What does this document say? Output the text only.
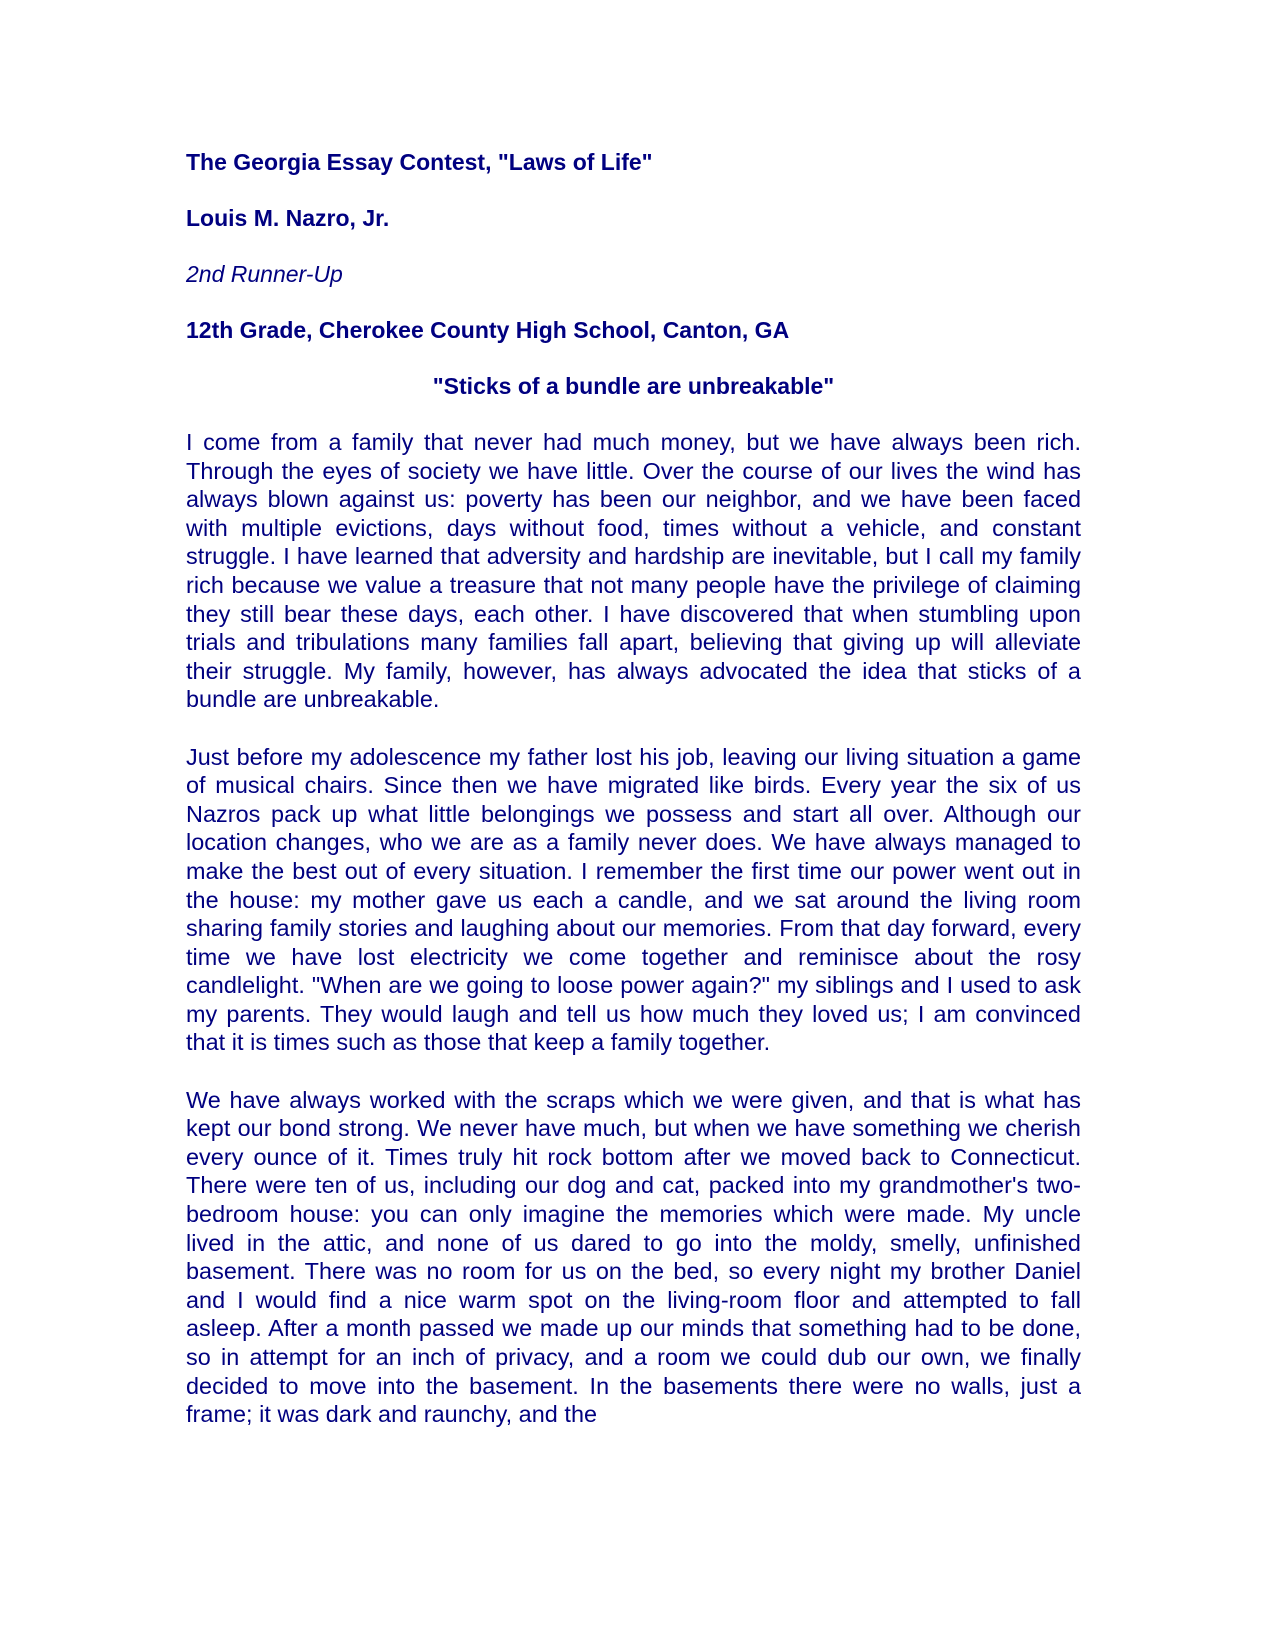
The Georgia Essay Contest, "Laws of Life"

Louis M. Nazro, Jr.

2nd Runner-Up

12th Grade, Cherokee County High School, Canton, GA

"Sticks of a bundle are unbreakable"

I come from a family that never had much money, but we have always been rich. Through the eyes of society we have little. Over the course of our lives the wind has always blown against us: poverty has been our neighbor, and we have been faced with multiple evictions, days without food, times without a vehicle, and constant struggle. I have learned that adversity and hardship are inevitable, but I call my family rich because we value a treasure that not many people have the privilege of claiming they still bear these days, each other. I have discovered that when stumbling upon trials and tribulations many families fall apart, believing that giving up will alleviate their struggle. My family, however, has always advocated the idea that sticks of a bundle are unbreakable.

Just before my adolescence my father lost his job, leaving our living situation a game of musical chairs. Since then we have migrated like birds. Every year the six of us Nazros pack up what little belongings we possess and start all over. Although our location changes, who we are as a family never does. We have always managed to make the best out of every situation. I remember the first time our power went out in the house: my mother gave us each a candle, and we sat around the living room sharing family stories and laughing about our memories. From that day forward, every time we have lost electricity we come together and reminisce about the rosy candlelight. "When are we going to loose power again?" my siblings and I used to ask my parents. They would laugh and tell us how much they loved us; I am convinced that it is times such as those that keep a family together.

We have always worked with the scraps which we were given, and that is what has kept our bond strong. We never have much, but when we have something we cherish every ounce of it. Times truly hit rock bottom after we moved back to Connecticut. There were ten of us, including our dog and cat, packed into my grandmother's two-bedroom house: you can only imagine the memories which were made. My uncle lived in the attic, and none of us dared to go into the moldy, smelly, unfinished basement. There was no room for us on the bed, so every night my brother Daniel and I would find a nice warm spot on the living-room floor and attempted to fall asleep. After a month passed we made up our minds that something had to be done, so in attempt for an inch of privacy, and a room we could dub our own, we finally decided to move into the basement. In the basements there were no walls, just a frame; it was dark and raunchy, and the
